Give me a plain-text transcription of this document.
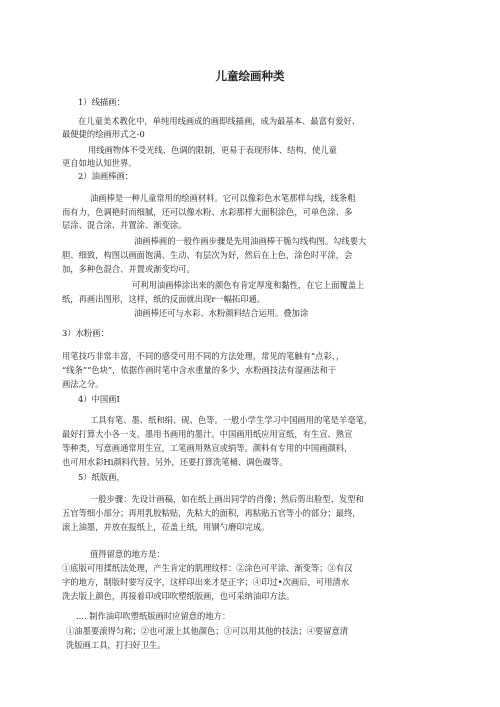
儿童绘画种类
1）线描画：
在儿童美术教化中，单纯用线画成的画即线描画，成为最基本、最富有爱好、
最便捷的绘画形式之-0
用线画物体不受光线、色调的限制，更易于表现形体、结构，使儿童
更自如地认知世界。
2）油画棒画：
油画棒是一种儿童常用的绘画材料。它可以像彩色水笔那样勾线，线条粗
而有力，色调艳时而细腻，还可以像水粉、水彩那样大面积涂色，可单色涂、多
层涂、混合涂、并置涂、渐变涂。
油画棒画的一般作画步骤是先用油画棒干脆勾线构图。勾线要大
胆、细致，构图以画面饱满、生动、有层次为好，然后在上色，涂色时平涂，会
加，多种色混合、并置或渐变均可。
可利用油画棒涂出来的颜色有肯定厚度和黏性，在它上面覆盖上
纸，再画出图形，这样，纸的反面就出现r一幅拓印通。
油画棒还可与水彩、水粉颜料结合运用。叠加涂
3）水粉画：
用笔技巧非常丰富，不同的感受可用不同的方法处理，常见的笔触有“点彩，，
“线条”“色块”，依据作画时笔中含水重量的多少，水粉画技法有湿画法和干
画法之分。
4）中国画I
工具有笔、墨、纸和绢、砚、色等。一般小学生学习中国画用的笔是羊毫笔，
最好打算大小各一支。墨用书画用的墨汁。中国画用纸应用宣纸，有生宣、熟宣
等种类，写意画通常用生宣，工笔画用熟宣或绢等。颜料有专用的中国画颜料，
也可用水彩Hi颜料代替。另外，还要打算洗笔桶、调色碟等。
5）纸版画，
一般步骤：先设计画稿，如在纸上画出同学的肖像；然后剪出脸型、发型和
五官等细小部分；再用乳胶粘贴，先粘大的面积，再粘贴五官等小的部分；最终，
滚上油墨，并放在报纸上，莅盖上纸，用钢勺磨印完成。
值得留意的地方是：
①底版可用揉纸法处理，产生肯定的肌理纹样：②涂色可平涂、渐变等；③有汉
字的地方，制版时要写反字，这样印出来才是正字；④印过•次画后，可用清水
洗去版上颜色，再接着印或印吹塑纸版画，也可采纳油印方法。
.... 制作油印吹塑纸版画时应留意的地方：
①油墨要滚得匀称；②也可滚上其他颜色；③可以用其他的技法；④要留意清
洗版画工具，打扫好卫生。
